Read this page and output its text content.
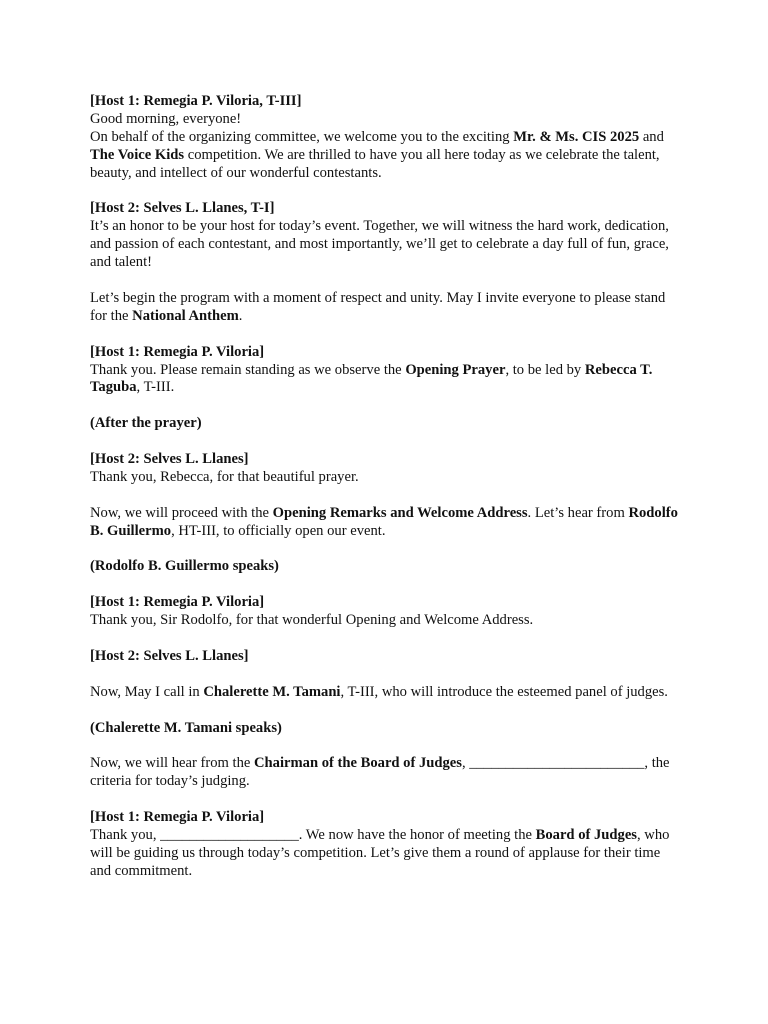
[Host 1: Remegia P. Viloria, T-III]

Good morning, everyone!

On behalf of the organizing committee, we welcome you to the exciting Mr. & Ms. CIS 2025 and The Voice Kids competition. We are thrilled to have you all here today as we celebrate the talent, beauty, and intellect of our wonderful contestants.

[Host 2: Selves L. Llanes, T-I]

It’s an honor to be your host for today’s event. Together, we will witness the hard work, dedication, and passion of each contestant, and most importantly, we’ll get to celebrate a day full of fun, grace, and talent!

Let’s begin the program with a moment of respect and unity. May I invite everyone to please stand for the National Anthem.

[Host 1: Remegia P. Viloria]

Thank you. Please remain standing as we observe the Opening Prayer, to be led by Rebecca T. Taguba, T-III.

(After the prayer)

[Host 2: Selves L. Llanes]

Thank you, Rebecca, for that beautiful prayer.

Now, we will proceed with the Opening Remarks and Welcome Address. Let’s hear from Rodolfo B. Guillermo, HT-III, to officially open our event.

(Rodolfo B. Guillermo speaks)

[Host 1: Remegia P. Viloria]

Thank you, Sir Rodolfo, for that wonderful Opening and Welcome Address.

[Host 2: Selves L. Llanes]

Now, May I call in Chalerette M. Tamani, T-III, who will introduce the esteemed panel of judges.

(Chalerette M. Tamani speaks)

Now, we will hear from the Chairman of the Board of Judges, ________________________, the criteria for today’s judging.

[Host 1: Remegia P. Viloria]

Thank you, ___________________. We now have the honor of meeting the Board of Judges, who will be guiding us through today’s competition. Let’s give them a round of applause for their time and commitment.
